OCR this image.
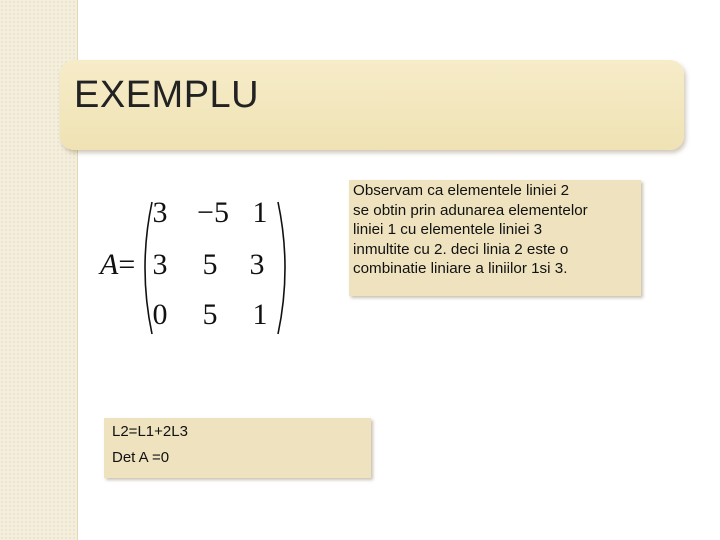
EXEMPLU
A=
3 −5 1
3	5	3
0	5	1

Observam ca elementele liniei 2

se obtin prin adunarea elementelor

liniei 1 cu elementele liniei 3

inmultite cu 2. deci linia 2 este o

combinatie liniare a liniilor 1si 3.

L2=L1+2L3
Det A =0
